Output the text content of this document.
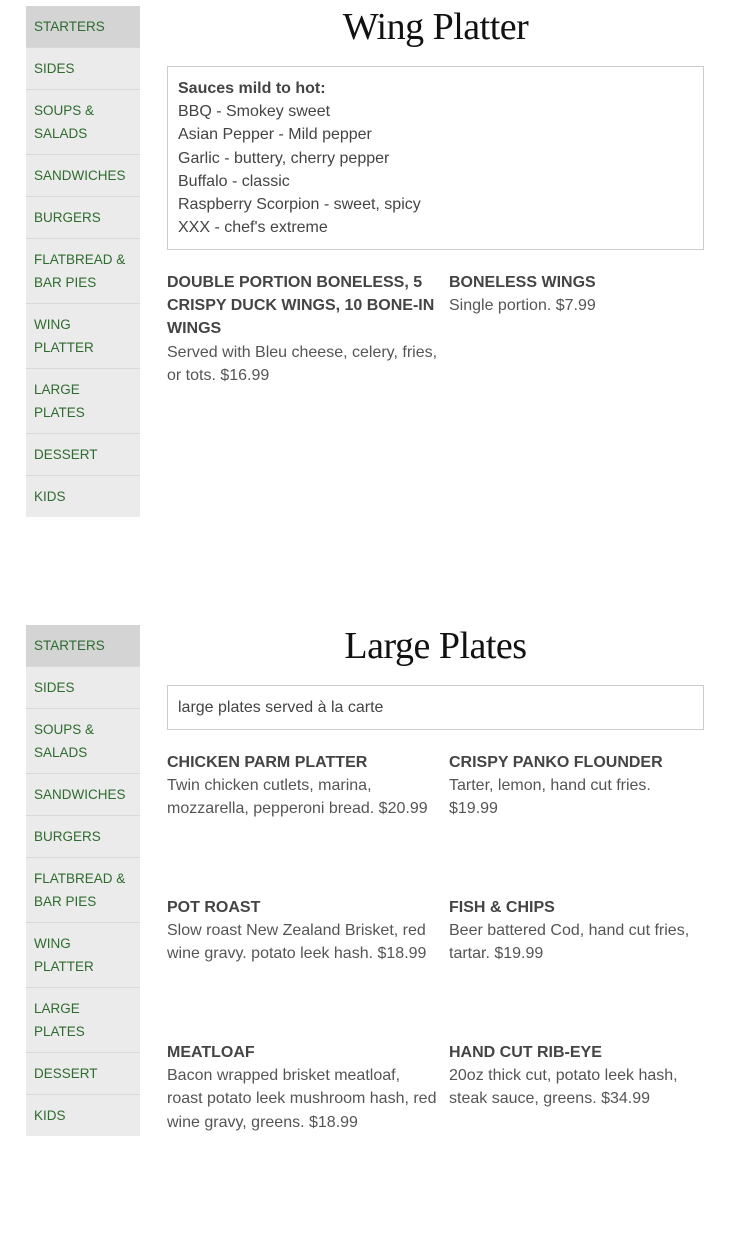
STARTERS
SIDES
SOUPS & SALADS
SANDWICHES
BURGERS
FLATBREAD & BAR PIES
WING PLATTER
LARGE PLATES
DESSERT
KIDS
Wing Platter
Sauces mild to hot:
BBQ - Smokey sweet
Asian Pepper - Mild pepper
Garlic - buttery, cherry pepper
Buffalo - classic
Raspberry Scorpion - sweet, spicy
XXX - chef's extreme
DOUBLE PORTION BONELESS, 5 CRISPY DUCK WINGS, 10 BONE-IN WINGS
Served with Bleu cheese, celery, fries, or tots. $16.99
BONELESS WINGS
Single portion. $7.99
STARTERS
SIDES
SOUPS & SALADS
SANDWICHES
BURGERS
FLATBREAD & BAR PIES
WING PLATTER
LARGE PLATES
DESSERT
KIDS
Large Plates
large plates served à la carte
CHICKEN PARM PLATTER
Twin chicken cutlets, marina, mozzarella, pepperoni bread. $20.99
CRISPY PANKO FLOUNDER
Tarter, lemon, hand cut fries. $19.99
POT ROAST
Slow roast New Zealand Brisket, red wine gravy. potato leek hash. $18.99
FISH & CHIPS
Beer battered Cod, hand cut fries, tartar. $19.99
MEATLOAF
Bacon wrapped brisket meatloaf, roast potato leek mushroom hash, red wine gravy, greens. $18.99
HAND CUT RIB-EYE
20oz thick cut, potato leek hash, steak sauce, greens. $34.99
